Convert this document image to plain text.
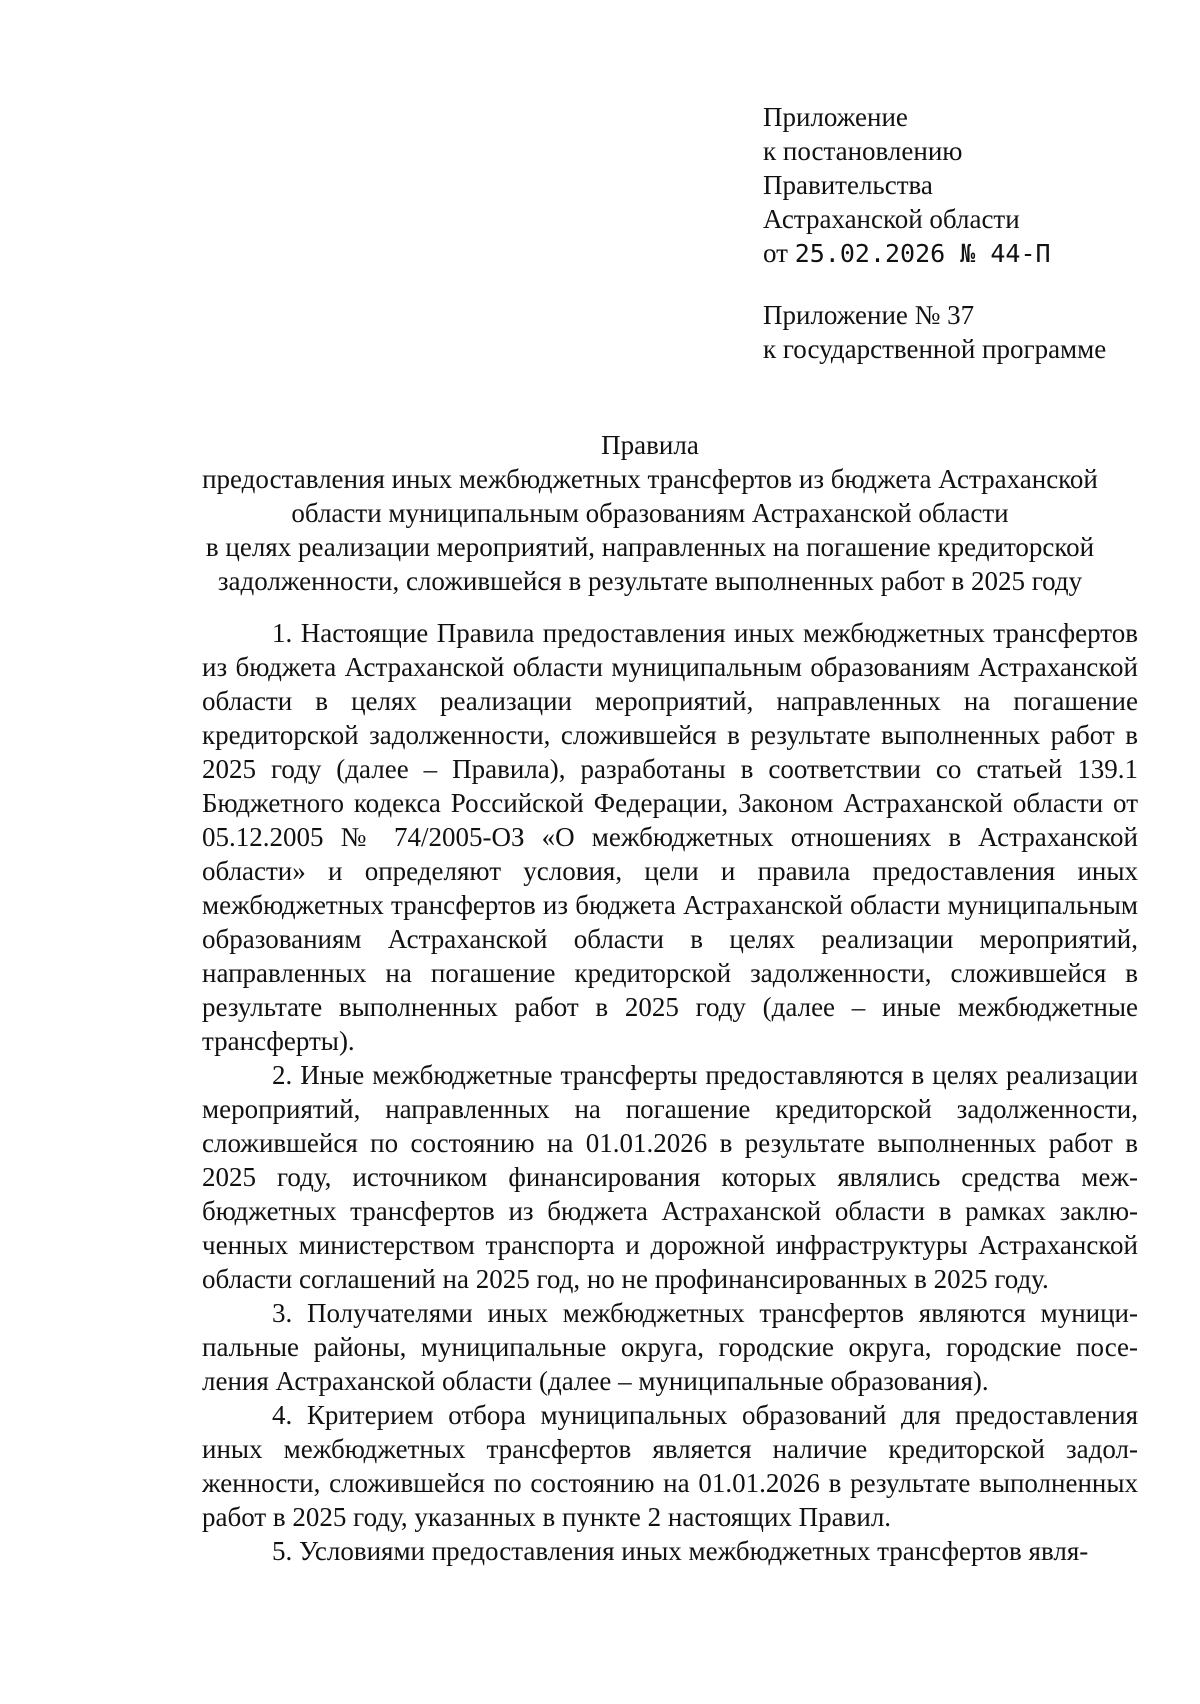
Приложение
к постановлению
Правительства
Астраханской области
от 25.02.2026 № 44-П
Приложение № 37
к государственной программе
Правила
предоставления иных межбюджетных трансфертов из бюджета Астраханской
области муниципальным образованиям Астраханской области
в целях реализации мероприятий, направленных на погашение кредиторской
задолженности, сложившейся в результате выполненных работ в 2025 году

1. Настоящие Правила предоставления иных межбюджетных трансфертов из бюджета Астраханской области муниципальным образованиям Астраханской области в целях реализации мероприятий, направленных на погашение кредиторской задолженности, сложившейся в результате выполненных работ в 2025 году (далее – Правила), разработаны в соответствии со статьей 139.1 Бюджетного кодекса Российской Федерации, Законом Астраханской области от 05.12.2005 № 74/2005-ОЗ «О межбюджетных отношениях в Астраханской области» и определяют условия, цели и правила предоставления иных межбюджетных трансфертов из бюджета Астраханской области муниципальным образованиям Астраханской области в целях реализации мероприятий, направленных на погашение кредиторской задолженности, сложившейся в результате выполненных работ в 2025 году (далее – иные межбюджетные трансферты).

2. Иные межбюджетные трансферты предоставляются в целях реализации мероприятий, направленных на погашение кредиторской задолженности, сложившейся по состоянию на 01.01.2026 в результате выполненных работ в 2025 году, источником финансирования которых являлись средства межбюджетных трансфертов из бюджета Астраханской области в рамках заключенных министерством транспорта и дорожной инфраструктуры Астраханской области соглашений на 2025 год, но не профинансированных в 2025 году.

3. Получателями иных межбюджетных трансфертов являются муниципальные районы, муниципальные округа, городские округа, городские поселения Астраханской области (далее – муниципальные образования).

4. Критерием отбора муниципальных образований для предоставления иных межбюджетных трансфертов является наличие кредиторской задолженности, сложившейся по состоянию на 01.01.2026 в результате выполненных работ в 2025 году, указанных в пункте 2 настоящих Правил.

5. Условиями предоставления иных межбюджетных трансфертов явля-
